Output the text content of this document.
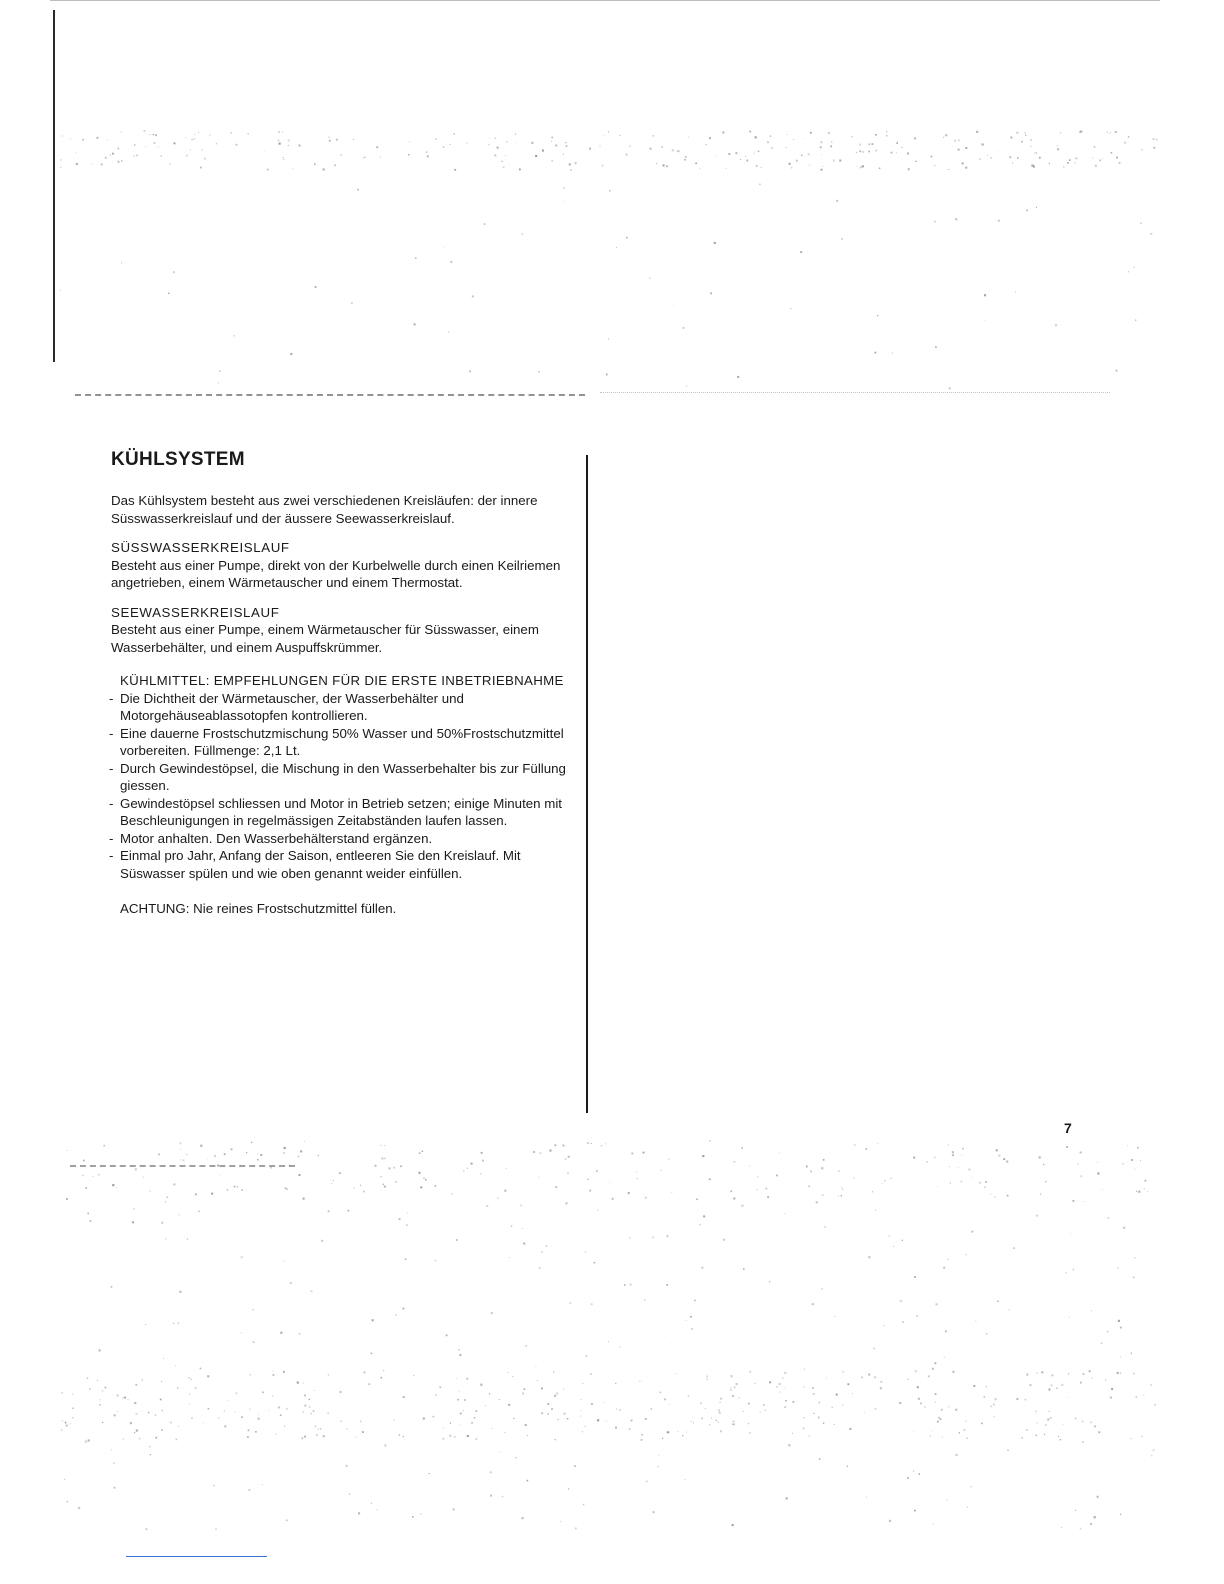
KÜHLSYSTEM

Das Kühlsystem besteht aus zwei verschiedenen Kreisläufen: der innere Süsswasserkreislauf und der äussere Seewasserkreislauf.

SÜSSWASSERKREISLAUF

Besteht aus einer Pumpe, direkt von der Kurbelwelle durch einen Keilriemen angetrieben, einem Wärmetauscher und einem Thermostat.

SEEWASSERKREISLAUF

Besteht aus einer Pumpe, einem Wärmetauscher für Süsswasser, einem Wasserbehälter, und einem Auspuffskrümmer.

KÜHLMITTEL: EMPFEHLUNGEN FÜR DIE ERSTE INBETRIEBNAHME

- Die Dichtheit der Wärmetauscher, der Wasserbehälter und Motorgehäuseablassotopfen kontrollieren.
- Eine dauerne Frostschutzmischung 50% Wasser und 50%Frostschutzmittel vorbereiten. Füllmenge: 2,1 Lt.
- Durch Gewindestöpsel, die Mischung in den Wasserbehalter bis zur Füllung giessen.
- Gewindestöpsel schliessen und Motor in Betrieb setzen; einige Minuten mit Beschleunigungen in regelmässigen Zeitabständen laufen lassen.
- Motor anhalten. Den Wasserbehälterstand ergänzen.
- Einmal pro Jahr, Anfang der Saison, entleeren Sie den Kreislauf. Mit Süswasser spülen und wie oben genannt weider einfüllen.

ACHTUNG: Nie reines Frostschutzmittel füllen.

7
